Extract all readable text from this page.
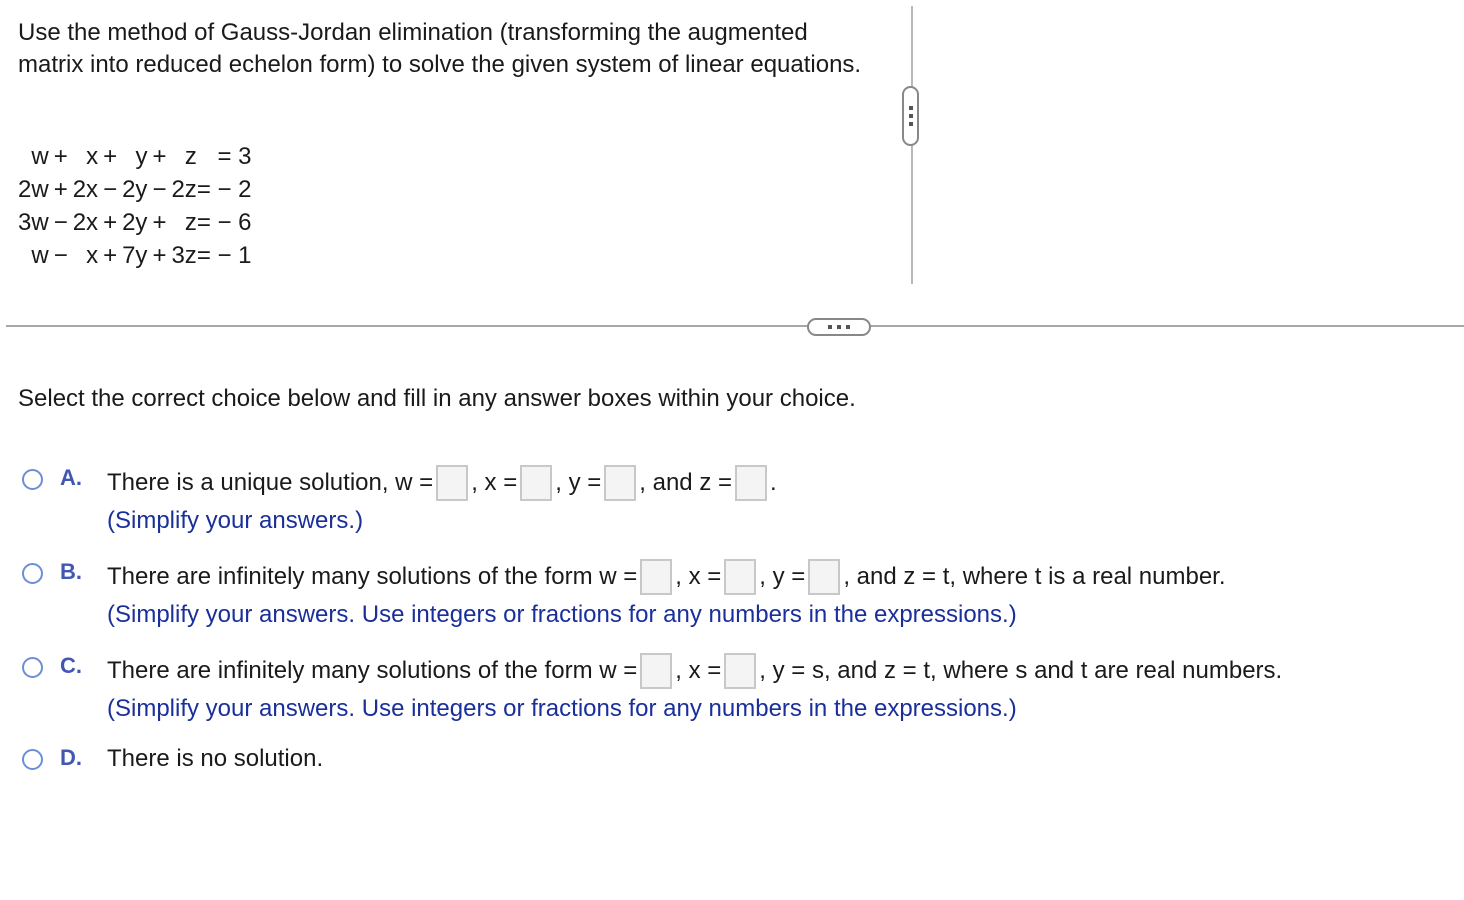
Use the method of Gauss-Jordan elimination (transforming the augmented matrix into reduced echelon form) to solve the given system of linear equations.

w	+	x	+	y	+	z	= 3
2w	+	2x	−	2y	−	2z	= − 2
3w	−	2x	+	2y	+	z	= − 6
w	−	x	+	7y	+	3z	= − 1

Select the correct choice below and fill in any answer boxes within your choice.

A. There is a unique solution, w = , x = , y = , and z = .
(Simplify your answers.)
B. There are infinitely many solutions of the form w = , x = , y = , and z = t, where t is a real number.
(Simplify your answers. Use integers or fractions for any numbers in the expressions.)
C. There are infinitely many solutions of the form w = , x = , y = s, and z = t, where s and t are real numbers.
(Simplify your answers. Use integers or fractions for any numbers in the expressions.)
D. There is no solution.
